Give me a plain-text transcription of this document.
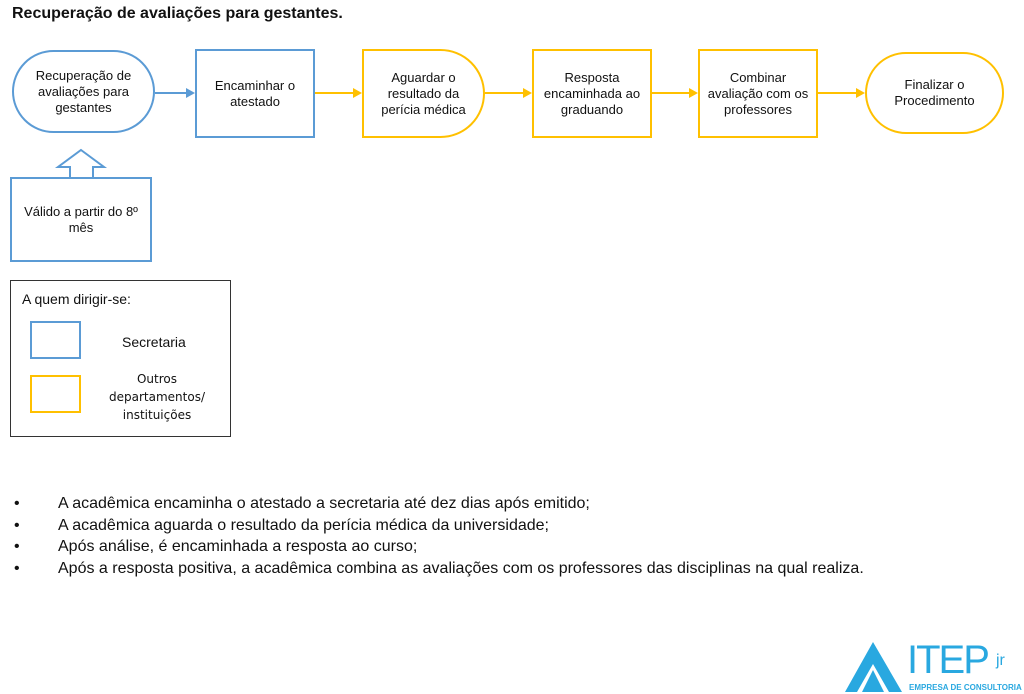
Recuperação de avaliações para gestantes.
Recuperação de avaliações para gestantes
Encaminhar o atestado
Aguardar o resultado da perícia médica
Resposta encaminhada ao graduando
Combinar avaliação com os professores
Finalizar o Procedimento
Válido a partir do 8º mês
A quem dirigir-se:
Secretaria
Outros departamentos/ instituições
• A acadêmica encaminha o atestado a secretaria até dez dias após emitido;
• A acadêmica aguarda o resultado da perícia médica da universidade;
• Após análise, é encaminhada a resposta ao curso;
• Após a resposta positiva, a acadêmica combina as avaliações com os professores das disciplinas na qual realiza.
ITEP jr
EMPRESA DE CONSULTORIA
